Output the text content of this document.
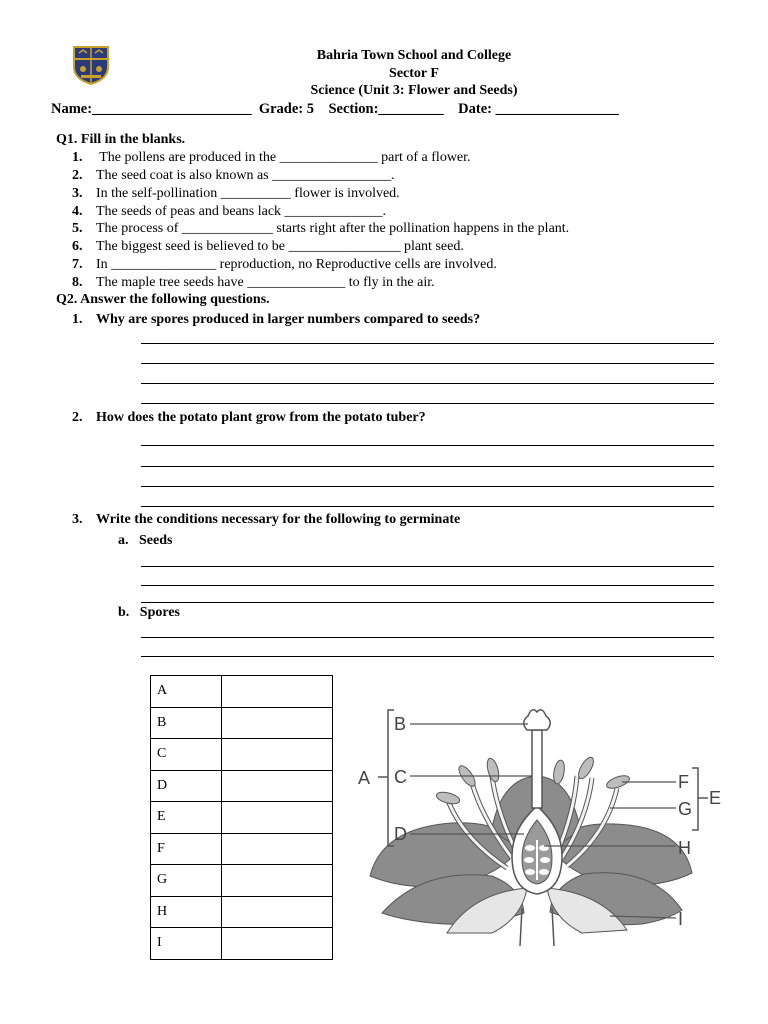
Bahria Town School and College
Sector F
Science (Unit 3: Flower and Seeds)
Name:______________________  Grade: 5    Section:_________    Date: _________________
Q1. Fill in the blanks.
1. The pollens are produced in the ______________ part of a flower.
2. The seed coat is also known as _________________.
3. In the self-pollination __________ flower is involved.
4. The seeds of peas and beans lack ______________.
5. The process of _____________ starts right after the pollination happens in the plant.
6. The biggest seed is believed to be ________________ plant seed.
7. In _______________ reproduction, no Reproductive cells are involved.
8. The maple tree seeds have ______________ to fly in the air.
Q2. Answer the following questions.
1. Why are spores produced in larger numbers compared to seeds?
2. How does the potato plant grow from the potato tuber?
3. Write the conditions necessary for the following to germinate
a.   Seeds
b.   Spores
A	
B	
C	
D	
E	
F	
G	
H	
I	
A
B
C
D
E
F
G
H
I
